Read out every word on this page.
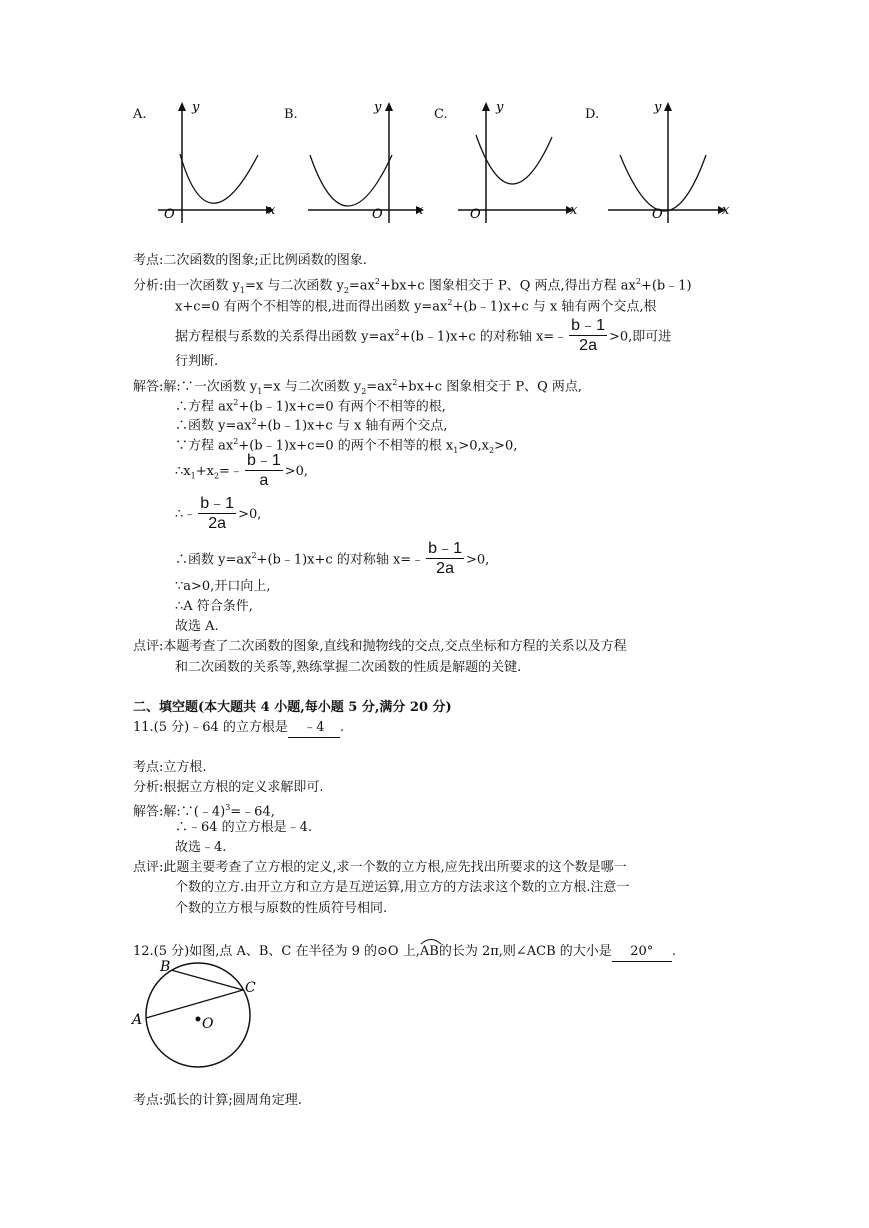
A.	y
x
O
B.	y
x
O
C.	y
x
O
D.	y
x
O
考点:二次函数的图象;正比例函数的图象.
分析:由一次函数 $y_1=x$ 与二次函数 $y_2=ax^2+bx+c$ 图象相交于 P、Q 两点,得出方程 $ax^2+(b﹣1)$
x+c=0 有两个不相等的根,进而得出函数 $y=ax^2+(b﹣1)x+c$ 与 x 轴有两个交点,根
据方程根与系数的关系得出函数 $y=ax^2+(b﹣1)x+c$ 的对称轴 x=﹣ $\frac{b﹣1}{2a} >0$,即可进
行判断.
解答:解:∵一次函数 $y_1=x$ 与二次函数 $y_2=ax^2+bx+c$ 图象相交于 P、Q 两点,
∴方程 $ax^2+(b﹣1)x+c=0$ 有两个不相等的根,
∴函数 $y=ax^2+(b﹣1)x+c$ 与 x 轴有两个交点,
∵方程 $ax^2+(b﹣1)x+c=0$ 的两个不相等的根 $x_1>0,x_2>0$,
$\therefore x_1+x_2=﹣ \frac{b﹣1}{a} >0$,
∴﹣ $\frac{b﹣1}{2a} >0$,
∴函数 $y=ax^2+(b﹣1)x+c$ 的对称轴 x=﹣ $\frac{b﹣1}{2a} >0$,
∵a>0,开口向上,
∴A 符合条件,
故选 A.
点评:本题考查了二次函数的图象,直线和抛物线的交点,交点坐标和方程的关系以及方程
和二次函数的关系等,熟练掌握二次函数的性质是解题的关键.
二、填空题(本大题共 4 小题,每小题 5 分,满分 20 分)
11.(5 分)﹣64 的立方根是 ﹣4 .
考点:立方根.
分析:根据立方根的定义求解即可.
解答:解:∵(﹣4)$^3$=﹣64,
∴﹣64 的立方根是﹣4.
故选﹣4.
点评:此题主要考查了立方根的定义,求一个数的立方根,应先找出所要求的这个数是哪一
个数的立方.由开立方和立方是互逆运算,用立方的方法求这个数的立方根.注意一
个数的立方根与原数的性质符号相同.
12.(5 分)如图,点 A、B、C 在半径为 9 的⊙O 上,
AB的长为 2π,则∠ACB 的大小是 20° .
A
B
C
O
考点:弧长的计算;圆周角定理.
